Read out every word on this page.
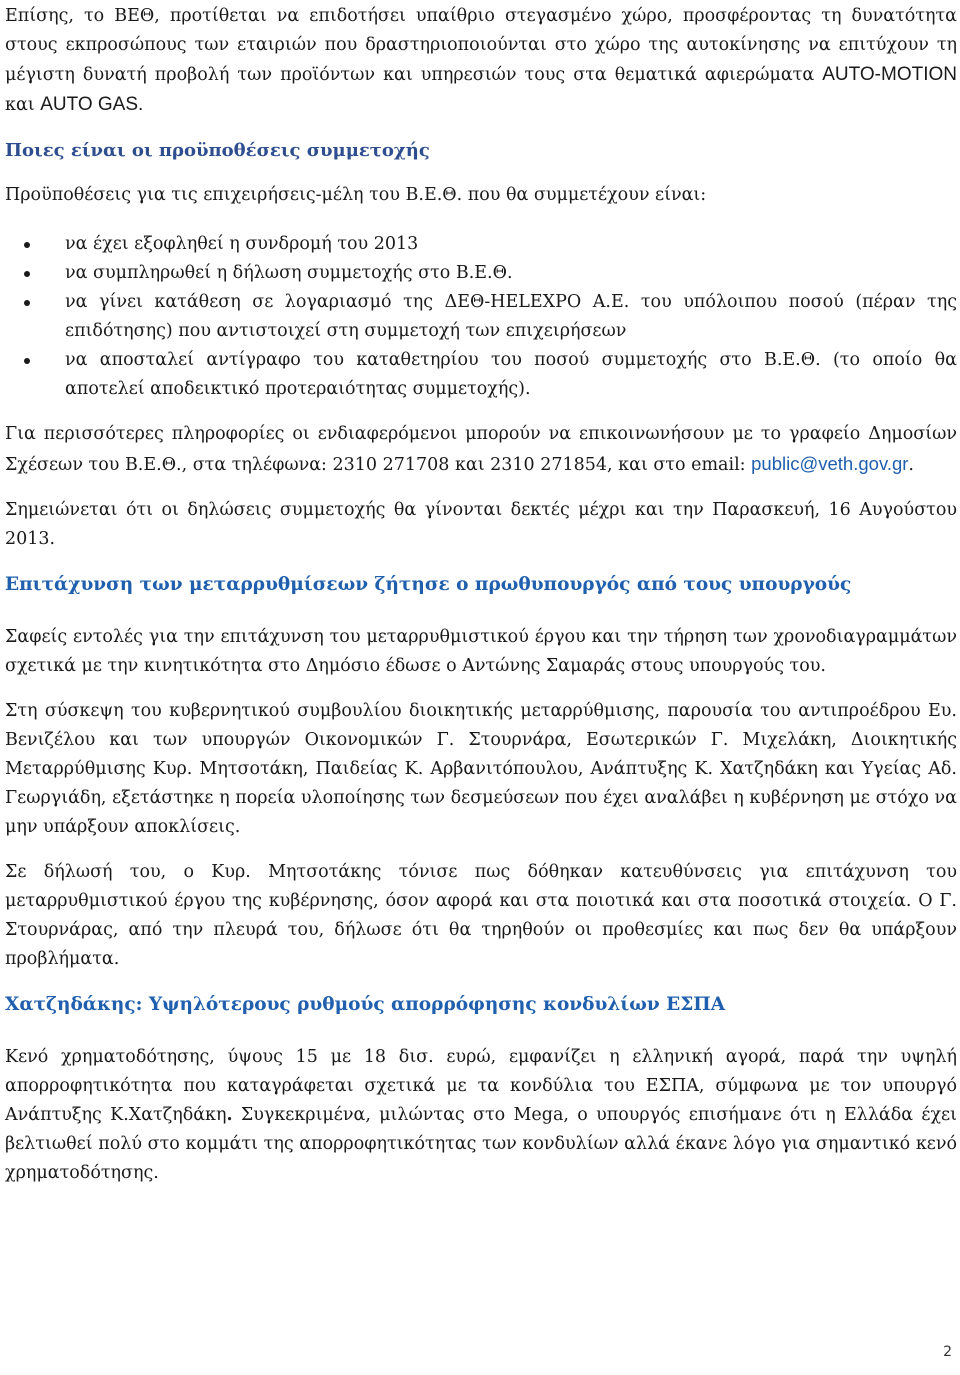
Επίσης, το ΒΕΘ, προτίθεται να επιδοτήσει υπαίθριο στεγασμένο χώρο, προσφέροντας τη δυνατότητα στους εκπροσώπους των εταιριών που δραστηριοποιούνται στο χώρο της αυτοκίνησης να επιτύχουν τη μέγιστη δυνατή προβολή των προϊόντων και υπηρεσιών τους στα θεματικά αφιερώματα AUTO-MOTION και AUTO GAS.

Ποιες είναι οι προϋποθέσεις συμμετοχής

Προϋποθέσεις για τις επιχειρήσεις-μέλη του Β.Ε.Θ. που θα συμμετέχουν είναι:

να έχει εξοφληθεί η συνδρομή του 2013
να συμπληρωθεί η δήλωση συμμετοχής στο Β.Ε.Θ.
να γίνει κατάθεση σε λογαριασμό της ΔΕΘ-HELEXPO A.E. του υπόλοιπου ποσού (πέραν της επιδότησης) που αντιστοιχεί στη συμμετοχή των επιχειρήσεων
να αποσταλεί αντίγραφο του καταθετηρίου του ποσού συμμετοχής στο Β.Ε.Θ. (το οποίο θα αποτελεί αποδεικτικό προτεραιότητας συμμετοχής).

Για περισσότερες πληροφορίες οι ενδιαφερόμενοι μπορούν να επικοινωνήσουν με το γραφείο Δημοσίων Σχέσεων του Β.Ε.Θ., στα τηλέφωνα: 2310 271708 και 2310 271854, και στο email: public@veth.gov.gr.

Σημειώνεται ότι οι δηλώσεις συμμετοχής θα γίνονται δεκτές μέχρι και την Παρασκευή, 16 Αυγούστου 2013.

Επιτάχυνση των μεταρρυθμίσεων ζήτησε ο πρωθυπουργός από τους υπουργούς

Σαφείς εντολές για την επιτάχυνση του μεταρρυθμιστικού έργου και την τήρηση των χρονοδιαγραμμάτων σχετικά με την κινητικότητα στο Δημόσιο έδωσε ο Αντώνης Σαμαράς στους υπουργούς του.

Στη σύσκεψη του κυβερνητικού συμβουλίου διοικητικής μεταρρύθμισης, παρουσία του αντιπροέδρου Ευ. Βενιζέλου και των υπουργών Οικονομικών Γ. Στουρνάρα, Εσωτερικών Γ. Μιχελάκη, Διοικητικής Μεταρρύθμισης Κυρ. Μητσοτάκη, Παιδείας Κ. Αρβανιτόπουλου, Ανάπτυξης Κ. Χατζηδάκη και Υγείας Αδ. Γεωργιάδη, εξετάστηκε η πορεία υλοποίησης των δεσμεύσεων που έχει αναλάβει η κυβέρνηση με στόχο να μην υπάρξουν αποκλίσεις.

Σε δήλωσή του, ο Κυρ. Μητσοτάκης τόνισε πως δόθηκαν κατευθύνσεις για επιτάχυνση του μεταρρυθμιστικού έργου της κυβέρνησης, όσον αφορά και στα ποιοτικά και στα ποσοτικά στοιχεία. Ο Γ. Στουρνάρας, από την πλευρά του, δήλωσε ότι θα τηρηθούν οι προθεσμίες και πως δεν θα υπάρξουν προβλήματα.

Χατζηδάκης: Υψηλότερους ρυθμούς απορρόφησης κονδυλίων ΕΣΠΑ

Κενό χρηματοδότησης, ύψους 15 με 18 δισ. ευρώ, εμφανίζει η ελληνική αγορά, παρά την υψηλή απορροφητικότητα που καταγράφεται σχετικά με τα κονδύλια του ΕΣΠΑ, σύμφωνα με τον υπουργό Ανάπτυξης Κ.Χατζηδάκη. Συγκεκριμένα, μιλώντας στο Mega, ο υπουργός επισήμανε ότι η Ελλάδα έχει βελτιωθεί πολύ στο κομμάτι της απορροφητικότητας των κονδυλίων αλλά έκανε λόγο για σημαντικό κενό χρηματοδότησης.

2
